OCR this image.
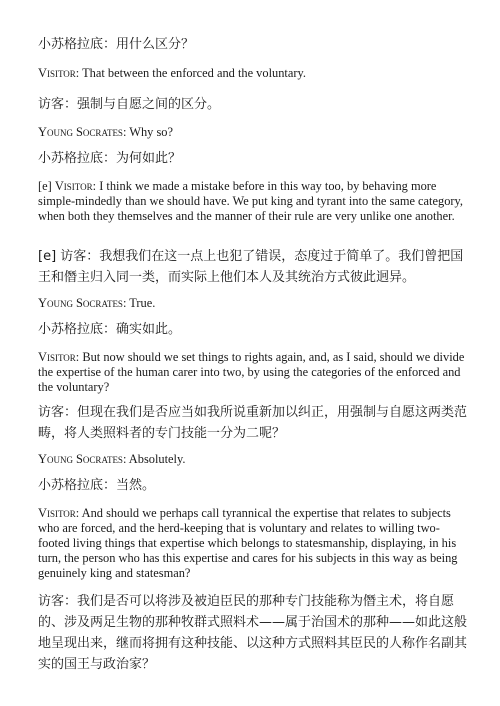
小苏格拉底：用什么区分？

Visitor: That between the enforced and the voluntary.

访客：强制与自愿之间的区分。

Young Socrates: Why so?

小苏格拉底：为何如此？

[e] Visitor: I think we made a mistake before in this way too, by behaving more simple-mindedly than we should have. We put king and tyrant into the same category, when both they themselves and the manner of their rule are very unlike one another.

[e] 访客：我想我们在这一点上也犯了错误，态度过于简单了。我们曾把国王和僭主归入同一类，而实际上他们本人及其统治方式彼此迥异。

Young Socrates: True.

小苏格拉底：确实如此。

Visitor: But now should we set things to rights again, and, as I said, should we divide the expertise of the human carer into two, by using the categories of the enforced and the voluntary?

访客：但现在我们是否应当如我所说重新加以纠正，用强制与自愿这两类范畴，将人类照料者的专门技能一分为二呢？

Young Socrates: Absolutely.

小苏格拉底：当然。

Visitor: And should we perhaps call tyrannical the expertise that relates to subjects who are forced, and the herd-keeping that is voluntary and relates to willing two-footed living things that expertise which belongs to statesmanship, displaying, in his turn, the person who has this expertise and cares for his subjects in this way as being genuinely king and statesman?

访客：我们是否可以将涉及被迫臣民的那种专门技能称为僭主术，将自愿的、涉及两足生物的那种牧群式照料术——属于治国术的那种——如此这般地呈现出来，继而将拥有这种技能、以这种方式照料其臣民的人称作名副其实的国王与政治家？
